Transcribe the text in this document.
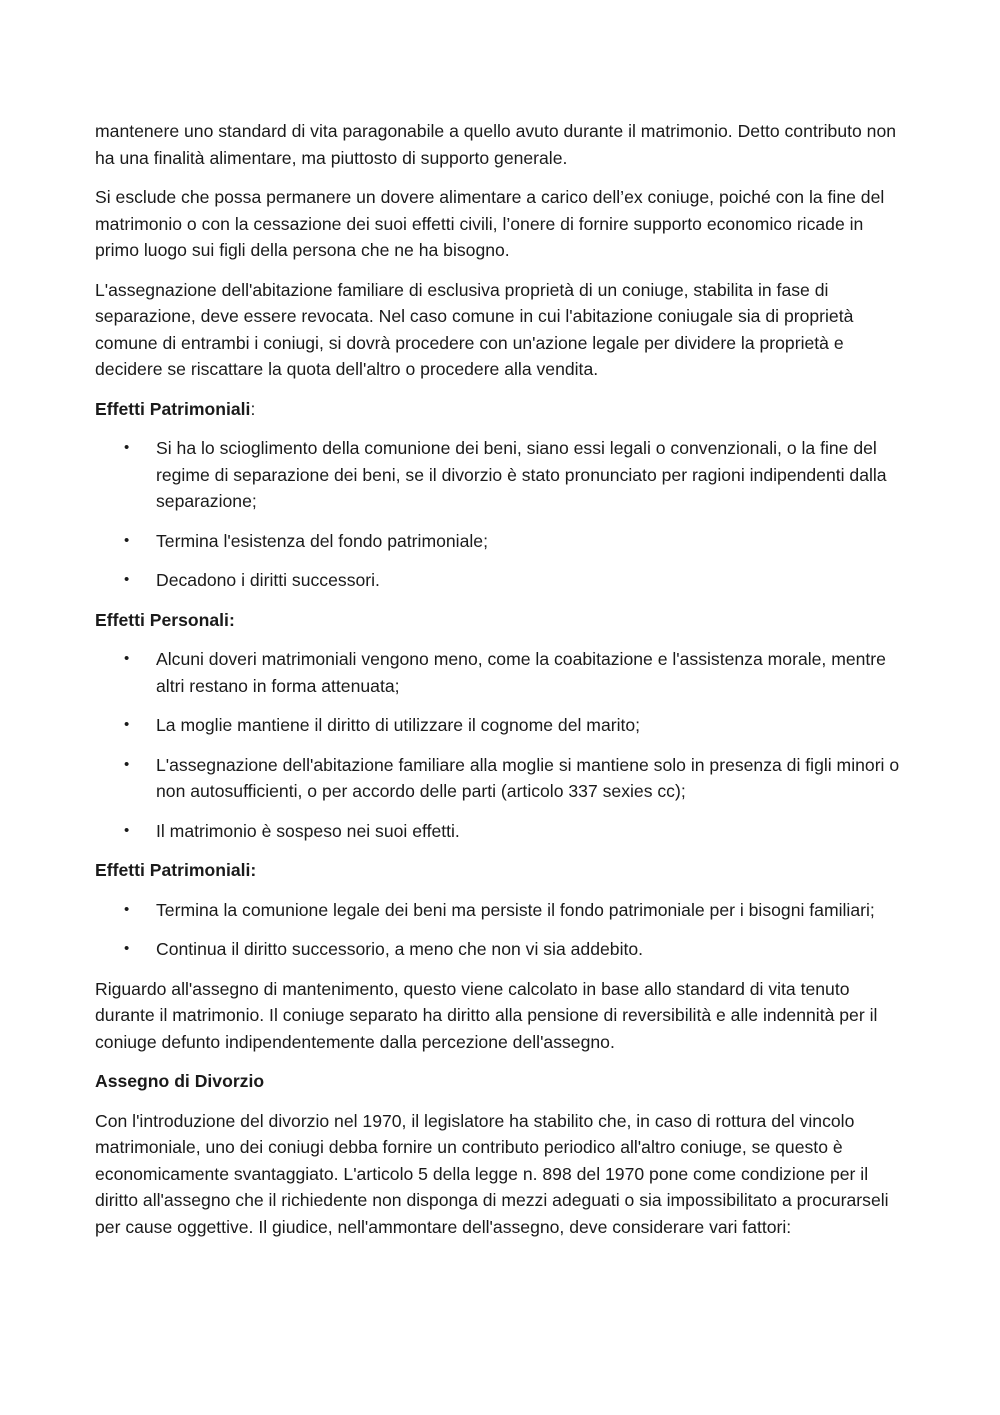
mantenere uno standard di vita paragonabile a quello avuto durante il matrimonio. Detto contributo non ha una finalità alimentare, ma piuttosto di supporto generale.

Si esclude che possa permanere un dovere alimentare a carico dell’ex coniuge, poiché con la fine del matrimonio o con la cessazione dei suoi effetti civili, l’onere di fornire supporto economico ricade in primo luogo sui figli della persona che ne ha bisogno.

L'assegnazione dell'abitazione familiare di esclusiva proprietà di un coniuge, stabilita in fase di separazione, deve essere revocata. Nel caso comune in cui l'abitazione coniugale sia di proprietà comune di entrambi i coniugi, si dovrà procedere con un'azione legale per dividere la proprietà e decidere se riscattare la quota dell'altro o procedere alla vendita.

Effetti Patrimoniali:

• Si ha lo scioglimento della comunione dei beni, siano essi legali o convenzionali, o la fine del regime di separazione dei beni, se il divorzio è stato pronunciato per ragioni indipendenti dalla separazione;
• Termina l'esistenza del fondo patrimoniale;
• Decadono i diritti successori.

Effetti Personali:

• Alcuni doveri matrimoniali vengono meno, come la coabitazione e l'assistenza morale, mentre altri restano in forma attenuata;
• La moglie mantiene il diritto di utilizzare il cognome del marito;
• L'assegnazione dell'abitazione familiare alla moglie si mantiene solo in presenza di figli minori o non autosufficienti, o per accordo delle parti (articolo 337 sexies cc);
• Il matrimonio è sospeso nei suoi effetti.

Effetti Patrimoniali:

• Termina la comunione legale dei beni ma persiste il fondo patrimoniale per i bisogni familiari;
• Continua il diritto successorio, a meno che non vi sia addebito.

Riguardo all'assegno di mantenimento, questo viene calcolato in base allo standard di vita tenuto durante il matrimonio. Il coniuge separato ha diritto alla pensione di reversibilità e alle indennità per il coniuge defunto indipendentemente dalla percezione dell'assegno.

Assegno di Divorzio

Con l'introduzione del divorzio nel 1970, il legislatore ha stabilito che, in caso di rottura del vincolo matrimoniale, uno dei coniugi debba fornire un contributo periodico all'altro coniuge, se questo è economicamente svantaggiato. L'articolo 5 della legge n. 898 del 1970 pone come condizione per il diritto all'assegno che il richiedente non disponga di mezzi adeguati o sia impossibilitato a procurarseli per cause oggettive. Il giudice, nell'ammontare dell'assegno, deve considerare vari fattori:
